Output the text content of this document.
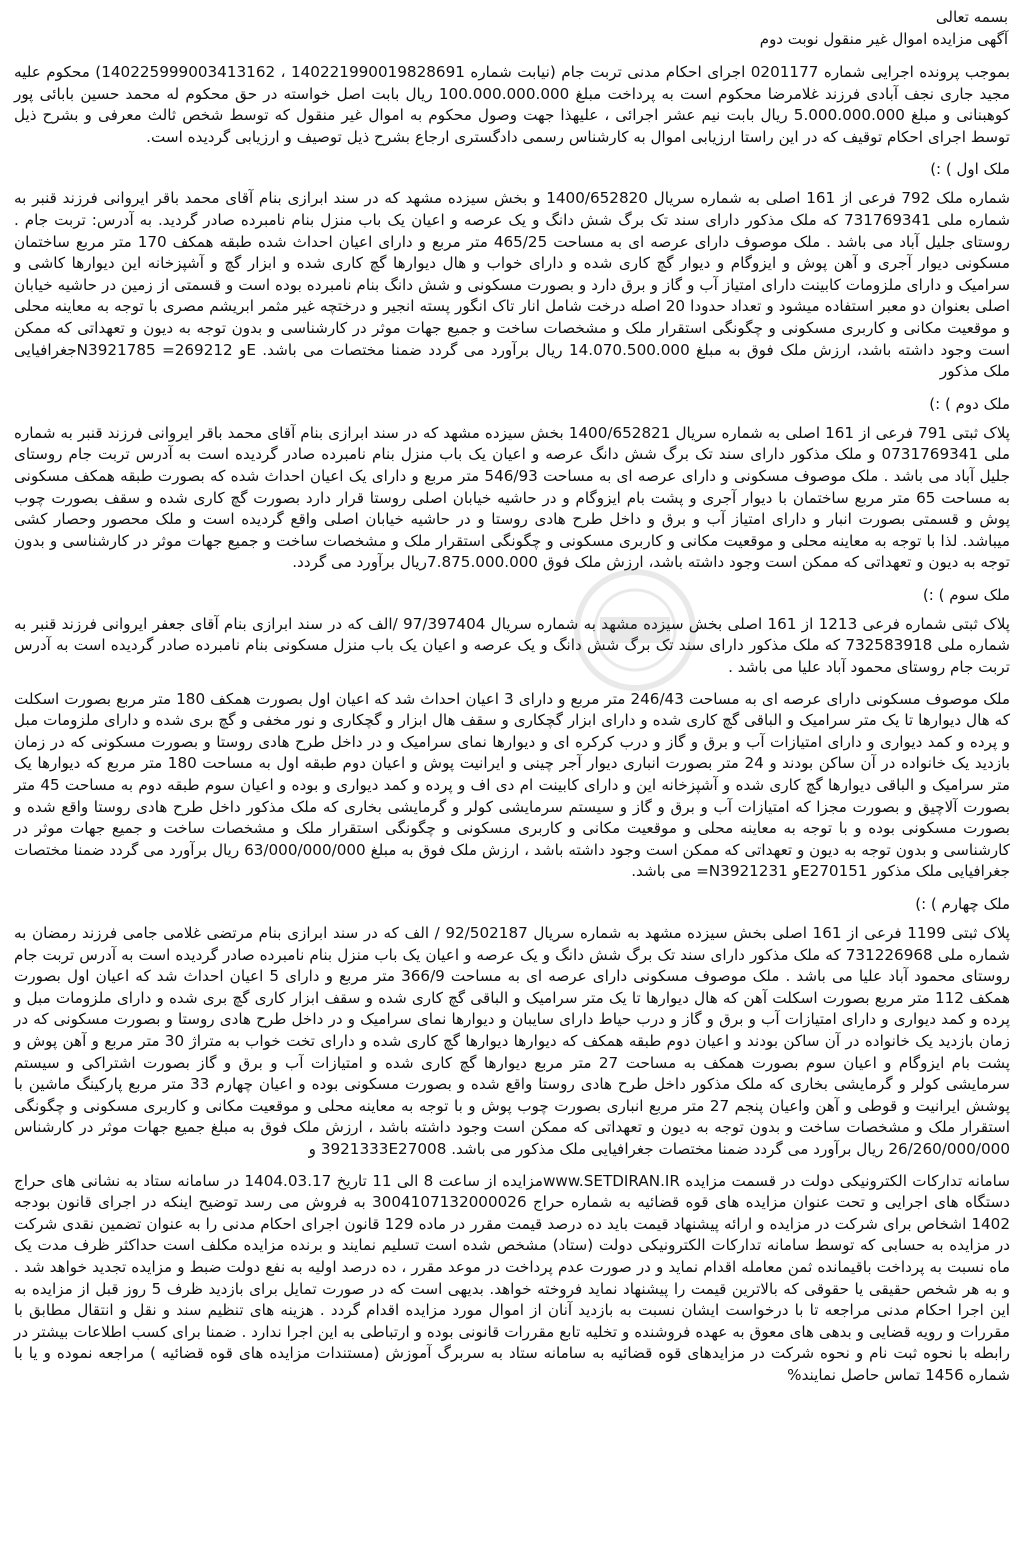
بسمه تعالی
آگهی مزایده اموال غیر منقول نوبت دوم

بموجب پرونده اجرایی شماره 0201177 اجرای احکام مدنی تربت جام (نیابت شماره 140221990019828691 ، 140225999003413162) محکوم علیه مجید جاری نجف آبادی فرزند غلامرضا محکوم است به پرداخت مبلغ 100.000.000.000 ریال بابت اصل خواسته در حق محکوم له محمد حسین بابائی پور کوهبنانی و مبلغ 5.000.000.000 ریال بابت نیم عشر اجرائی ، علیهذا جهت وصول محکوم به اموال غیر منقول که توسط شخص ثالث معرفی و بشرح ذیل توسط اجرای احکام توقیف که در این راستا ارزیابی اموال به کارشناس رسمی دادگستری ارجاع بشرح ذیل توصیف و ارزیابی گردیده است.

ملک اول ) :)

شماره ملک 792 فرعی از 161 اصلی به شماره سریال 1400/652820 و بخش سیزده مشهد که در سند ابرازی بنام آقای محمد باقر ایروانی فرزند قنبر به شماره ملی 731769341 که ملک مذکور دارای سند تک برگ شش دانگ و یک عرصه و اعیان یک باب منزل بنام نامبرده صادر گردید. به آدرس: تربت جام . روستای جلیل آباد می باشد . ملک موصوف دارای عرصه ای به مساحت 465/25 متر مربع و دارای اعیان احداث شده طبقه همکف 170 متر مربع ساختمان مسکونی دیوار آجری و آهن پوش و ایزوگام و دیوار گچ کاری شده و دارای خواب و هال دیوارها گچ کاری شده و ابزار گچ و آشپزخانه این دیوارها کاشی و سرامیک و دارای ملزومات کابینت دارای امتیاز آب و گاز و برق دارد و بصورت مسکونی و شش دانگ بنام نامبرده بوده است و قسمتی از زمین در حاشیه خیابان اصلی بعنوان دو معبر استفاده میشود و تعداد حدودا 20 اصله درخت شامل انار تاک انگور پسته انجیر و درختچه غیر مثمر ابریشم مصری با توجه به معاینه محلی و موقعیت مکانی و کاربری مسکونی و چگونگی استقرار ملک و مشخصات ساخت و جمیع جهات موثر در کارشناسی و بدون توجه به دیون و تعهداتی که ممکن است وجود داشته باشد، ارزش ملک فوق به مبلغ 14.070.500.000 ریال برآورد می گردد ضمنا مختصات می باشد. Eو 269212= N3921785جغرافیایی ملک مذکور

ملک دوم ) :)

پلاک ثبتی 791 فرعی از 161 اصلی به شماره سریال 1400/652821 بخش سیزده مشهد که در سند ابرازی بنام آقای محمد باقر ایروانی فرزند قنبر به شماره ملی 0731769341 و ملک مذکور دارای سند تک برگ شش دانگ عرصه و اعیان یک باب منزل بنام نامبرده صادر گردیده است به آدرس تربت جام روستای جلیل آباد می باشد . ملک موصوف مسکونی و دارای عرصه ای به مساحت 546/93 متر مربع و دارای یک اعیان احداث شده که بصورت طبقه همکف مسکونی به مساحت 65 متر مربع ساختمان با دیوار آجری و پشت بام ایزوگام و در حاشیه خیابان اصلی روستا قرار دارد بصورت گچ کاری شده و سقف بصورت چوب پوش و قسمتی بصورت انبار و دارای امتیاز آب و برق و داخل طرح هادی روستا و در حاشیه خیابان اصلی واقع گردیده است و ملک محصور وحصار کشی میباشد. لذا با توجه به معاینه محلی و موقعیت مکانی و کاربری مسکونی و چگونگی استقرار ملک و مشخصات ساخت و جمیع جهات موثر در کارشناسی و بدون توجه به دیون و تعهداتی که ممکن است وجود داشته باشد، ارزش ملک فوق 7.875.000.000ریال برآورد می گردد.

ملک سوم ) :)

پلاک ثبتی شماره فرعی 1213 از 161 اصلی بخش سیزده مشهد به شماره سریال 97/397404 /الف که در سند ابرازی بنام آقای جعفر ایروانی فرزند قنبر به شماره ملی 732583918 که ملک مذکور دارای سند تک برگ شش دانگ و یک عرصه و اعیان یک باب منزل مسکونی بنام نامبرده صادر گردیده است به آدرس تربت جام روستای محمود آباد علیا می باشد .

ملک موصوف مسکونی دارای عرصه ای به مساحت 246/43 متر مربع و دارای 3 اعیان احداث شد که اعیان اول بصورت همکف 180 متر مربع بصورت اسکلت که هال دیوارها تا یک متر سرامیک و الباقی گچ کاری شده و دارای ابزار گچکاری و سقف هال ابزار و گچکاری و نور مخفی و گچ بری شده و دارای ملزومات مبل و پرده و کمد دیواری و دارای امتیازات آب و برق و گاز و درب کرکره ای و دیوارها نمای سرامیک و در داخل طرح هادی روستا و بصورت مسکونی که در زمان بازدید یک خانواده در آن ساکن بودند و 24 متر بصورت انباری دیوار آجر چینی و ایرانیت پوش و اعیان دوم طبقه اول به مساحت 180 متر مربع که دیوارها یک متر سرامیک و الباقی دیوارها گچ کاری شده و آشپزخانه این و دارای کابینت ام دی اف و پرده و کمد دیواری و بوده و اعیان سوم طبقه دوم به مساحت 45 متر بصورت آلاچیق و بصورت مجزا که امتیازات آب و برق و گاز و سیستم سرمایشی کولر و گرمایشی بخاری که ملک مذکور داخل طرح هادی روستا واقع شده و بصورت مسکونی بوده و با توجه به معاینه محلی و موقعیت مکانی و کاربری مسکونی و چگونگی استقرار ملک و مشخصات ساخت و جمیع جهات موثر در کارشناسی و بدون توجه به دیون و تعهداتی که ممکن است وجود داشته باشد ، ارزش ملک فوق به مبلغ 63/000/000/000 ریال برآورد می گردد ضمنا مختصات جغرافیایی ملک مذکور E270151و N3921231= می باشد.

ملک چهارم ) :)

پلاک ثبتی 1199 فرعی از 161 اصلی بخش سیزده مشهد به شماره سریال 92/502187 / الف که در سند ابرازی بنام مرتضی غلامی جامی فرزند رمضان به شماره ملی 731226968 که ملک مذکور دارای سند تک برگ شش دانگ و یک عرصه و اعیان یک باب منزل بنام نامبرده صادر گردیده است به آدرس تربت جام روستای محمود آباد علیا می باشد . ملک موصوف مسکونی دارای عرصه ای به مساحت 366/9 متر مربع و دارای 5 اعیان احداث شد که اعیان اول بصورت همکف 112 متر مربع بصورت اسکلت آهن که هال دیوارها تا یک متر سرامیک و الباقی گچ کاری شده و سقف ابزار کاری گچ بری شده و دارای ملزومات مبل و پرده و کمد دیواری و دارای امتیازات آب و برق و گاز و درب حیاط دارای سایبان و دیوارها نمای سرامیک و در داخل طرح هادی روستا و بصورت مسکونی که در زمان بازدید یک خانواده در آن ساکن بودند و اعیان دوم طبقه همکف که دیوارها دیوارها گچ کاری شده و دارای تخت خواب به متراژ 30 متر مربع و آهن پوش و پشت بام ایزوگام و اعیان سوم بصورت همکف به مساحت 27 متر مربع دیوارها گچ کاری شده و امتیازات آب و برق و گاز بصورت اشتراکی و سیستم سرمایشی کولر و گرمایشی بخاری که ملک مذکور داخل طرح هادی روستا واقع شده و بصورت مسکونی بوده و اعیان چهارم 33 متر مربع پارکینگ ماشین با پوشش ایرانیت و قوطی و آهن واعیان پنجم 27 متر مربع انباری بصورت چوب پوش و با توجه به معاینه محلی و موقعیت مکانی و کاربری مسکونی و چگونگی استقرار ملک و مشخصات ساخت و بدون توجه به دیون و تعهداتی که ممکن است وجود داشته باشد ، ارزش ملک فوق به مبلغ جمیع جهات موثر در کارشناس 26/260/000/000 ریال برآورد می گردد ضمنا مختصات جغرافیایی ملک مذکور می باشد. 3921333E27008 و

سامانه تدارکات الکترونیکی دولت در قسمت مزایده www.SETDIRAN.IRمزایده از ساعت 8 الی 11 تاریخ 1404.03.17 در سامانه ستاد به نشانی های حراج دستگاه های اجرایی و تحت عنوان مزایده های قوه قضائیه به شماره حراج 3004107132000026 به فروش می رسد توضیح اینکه در اجرای قانون بودجه 1402 اشخاص برای شرکت در مزایده و ارائه پیشنهاد قیمت باید ده درصد قیمت مقرر در ماده 129 قانون اجرای احکام مدنی را به عنوان تضمین نقدی شرکت در مزایده به حسابی که توسط سامانه تدارکات الکترونیکی دولت (ستاد) مشخص شده است تسلیم نمایند و برنده مزایده مکلف است حداکثر ظرف مدت یک ماه نسبت به پرداخت باقیمانده ثمن معامله اقدام نماید و در صورت عدم پرداخت در موعد مقرر ، ده درصد اولیه به نفع دولت ضبط و مزایده تجدید خواهد شد . و به هر شخص حقیقی یا حقوقی که بالاترین قیمت را پیشنهاد نماید فروخته خواهد. بدیهی است که در صورت تمایل برای بازدید ظرف 5 روز قبل از مزایده به این اجرا احکام مدنی مراجعه تا با درخواست ایشان نسبت به بازدید آنان از اموال مورد مزایده اقدام گردد . هزینه های تنظیم سند و نقل و انتقال مطابق با مقررات و رویه قضایی و بدهی های معوق به عهده فروشنده و تخلیه تابع مقررات قانونی بوده و ارتباطی به این اجرا ندارد . ضمنا برای کسب اطلاعات بیشتر در رابطه با نحوه ثبت نام و نحوه شرکت در مزایدهای قوه قضائیه به سامانه ستاد به سربرگ آموزش (مستندات مزایده های قوه قضائیه ) مراجعه نموده و یا با شماره 1456 تماس حاصل نمایند%
